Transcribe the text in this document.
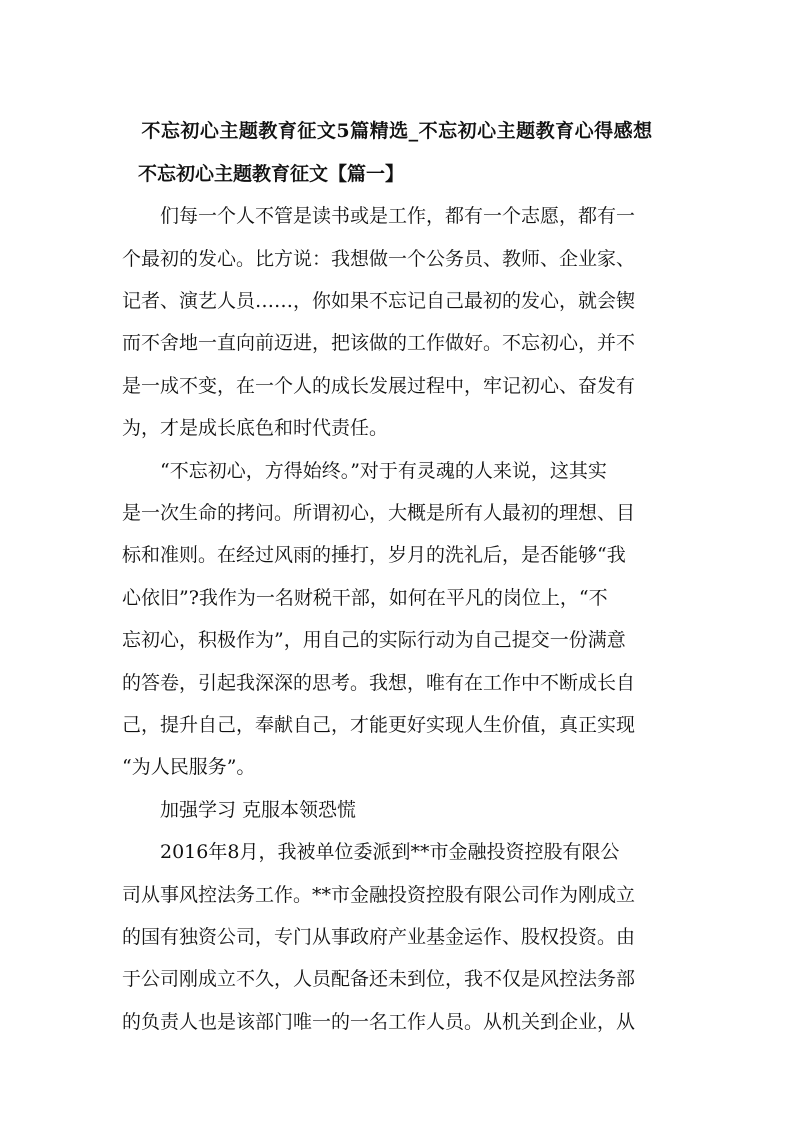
不忘初心主题教育征文5篇精选_不忘初心主题教育心得感想
不忘初心主题教育征文【篇一】
们每一个人不管是读书或是工作，都有一个志愿，都有一
个最初的发心。比方说：我想做一个公务员、教师、企业家、
记者、演艺人员……，你如果不忘记自己最初的发心，就会锲
而不舍地一直向前迈进，把该做的工作做好。不忘初心，并不
是一成不变，在一个人的成长发展过程中，牢记初心、奋发有
为，才是成长底色和时代责任。
“不忘初心，方得始终。”对于有灵魂的人来说，这其实
是一次生命的拷问。所谓初心，大概是所有人最初的理想、目
标和准则。在经过风雨的捶打，岁月的洗礼后，是否能够“我
心依旧”?我作为一名财税干部，如何在平凡的岗位上，“不
忘初心，积极作为”，用自己的实际行动为自己提交一份满意
的答卷，引起我深深的思考。我想，唯有在工作中不断成长自
己，提升自己，奉献自己，才能更好实现人生价值，真正实现
“为人民服务”。
加强学习 克服本领恐慌
2016年8月，我被单位委派到**市金融投资控股有限公
司从事风控法务工作。**市金融投资控股有限公司作为刚成立
的国有独资公司，专门从事政府产业基金运作、股权投资。由
于公司刚成立不久，人员配备还未到位，我不仅是风控法务部
的负责人也是该部门唯一的一名工作人员。从机关到企业，从
